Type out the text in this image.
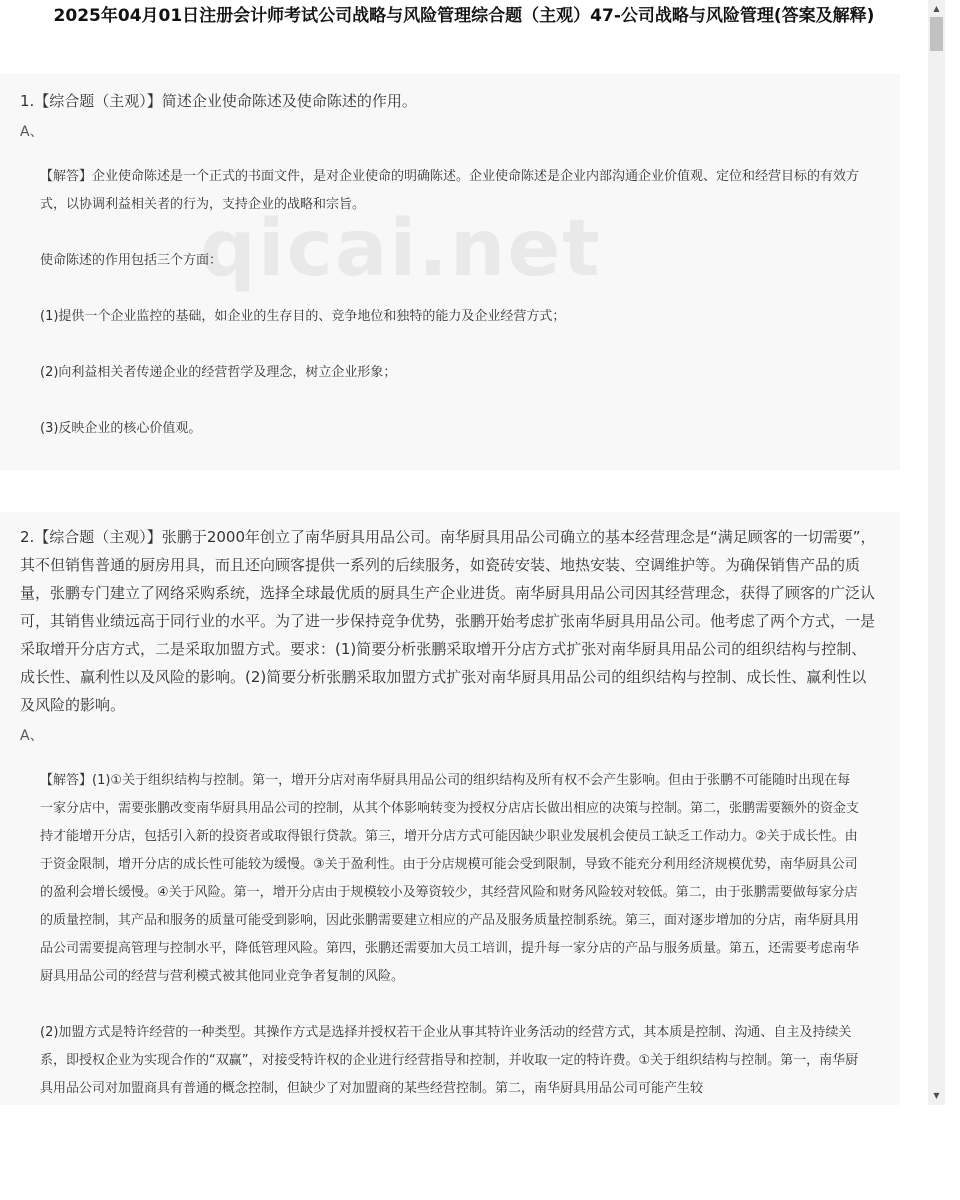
2025年04月01日注册会计师考试公司战略与风险管理综合题（主观）47-公司战略与风险管理(答案及解释)
1.【综合题（主观）】简述企业使命陈述及使命陈述的作用。
A、

【解答】企业使命陈述是一个正式的书面文件，是对企业使命的明确陈述。企业使命陈述是企业内部沟通企业价值观、定位和经营目标的有效方式，以协调利益相关者的行为，支持企业的战略和宗旨。

使命陈述的作用包括三个方面：

(1)提供一个企业监控的基础，如企业的生存目的、竞争地位和独特的能力及企业经营方式；

(2)向利益相关者传递企业的经营哲学及理念，树立企业形象；

(3)反映企业的核心价值观。

qicai.net
2.【综合题（主观）】张鹏于2000年创立了南华厨具用品公司。南华厨具用品公司确立的基本经营理念是“满足顾客的一切需要”，其不但销售普通的厨房用具，而且还向顾客提供一系列的后续服务，如瓷砖安装、地热安装、空调维护等。为确保销售产品的质量，张鹏专门建立了网络采购系统，选择全球最优质的厨具生产企业进货。南华厨具用品公司因其经营理念，获得了顾客的广泛认可，其销售业绩远高于同行业的水平。为了进一步保持竞争优势，张鹏开始考虑扩张南华厨具用品公司。他考虑了两个方式，一是采取增开分店方式，二是采取加盟方式。要求：(1)简要分析张鹏采取增开分店方式扩张对南华厨具用品公司的组织结构与控制、成长性、赢利性以及风险的影响。(2)简要分析张鹏采取加盟方式扩张对南华厨具用品公司的组织结构与控制、成长性、赢利性以及风险的影响。
A、

【解答】(1)①关于组织结构与控制。第一，增开分店对南华厨具用品公司的组织结构及所有权不会产生影响。但由于张鹏不可能随时出现在每一家分店中，需要张鹏改变南华厨具用品公司的控制，从其个体影响转变为授权分店店长做出相应的决策与控制。第二，张鹏需要额外的资金支持才能增开分店，包括引入新的投资者或取得银行贷款。第三，增开分店方式可能因缺少职业发展机会使员工缺乏工作动力。②关于成长性。由于资金限制，增开分店的成长性可能较为缓慢。③关于盈利性。由于分店规模可能会受到限制，导致不能充分利用经济规模优势，南华厨具公司的盈利会增长缓慢。④关于风险。第一，增开分店由于规模较小及筹资较少，其经营风险和财务风险较对较低。第二，由于张鹏需要做每家分店的质量控制，其产品和服务的质量可能受到影响，因此张鹏需要建立相应的产品及服务质量控制系统。第三，面对逐步增加的分店，南华厨具用品公司需要提高管理与控制水平，降低管理风险。第四，张鹏还需要加大员工培训，提升每一家分店的产品与服务质量。第五，还需要考虑南华厨具用品公司的经营与营利模式被其他同业竞争者复制的风险。

(2)加盟方式是特许经营的一种类型。其操作方式是选择并授权若干企业从事其特许业务活动的经营方式，其本质是控制、沟通、自主及持续关系，即授权企业为实现合作的“双赢”，对接受特许权的企业进行经营指导和控制，并收取一定的特许费。①关于组织结构与控制。第一，南华厨具用品公司对加盟商具有普通的概念控制，但缺少了对加盟商的某些经营控制。第二，南华厨具用品公司可能产生较

▲
▼
